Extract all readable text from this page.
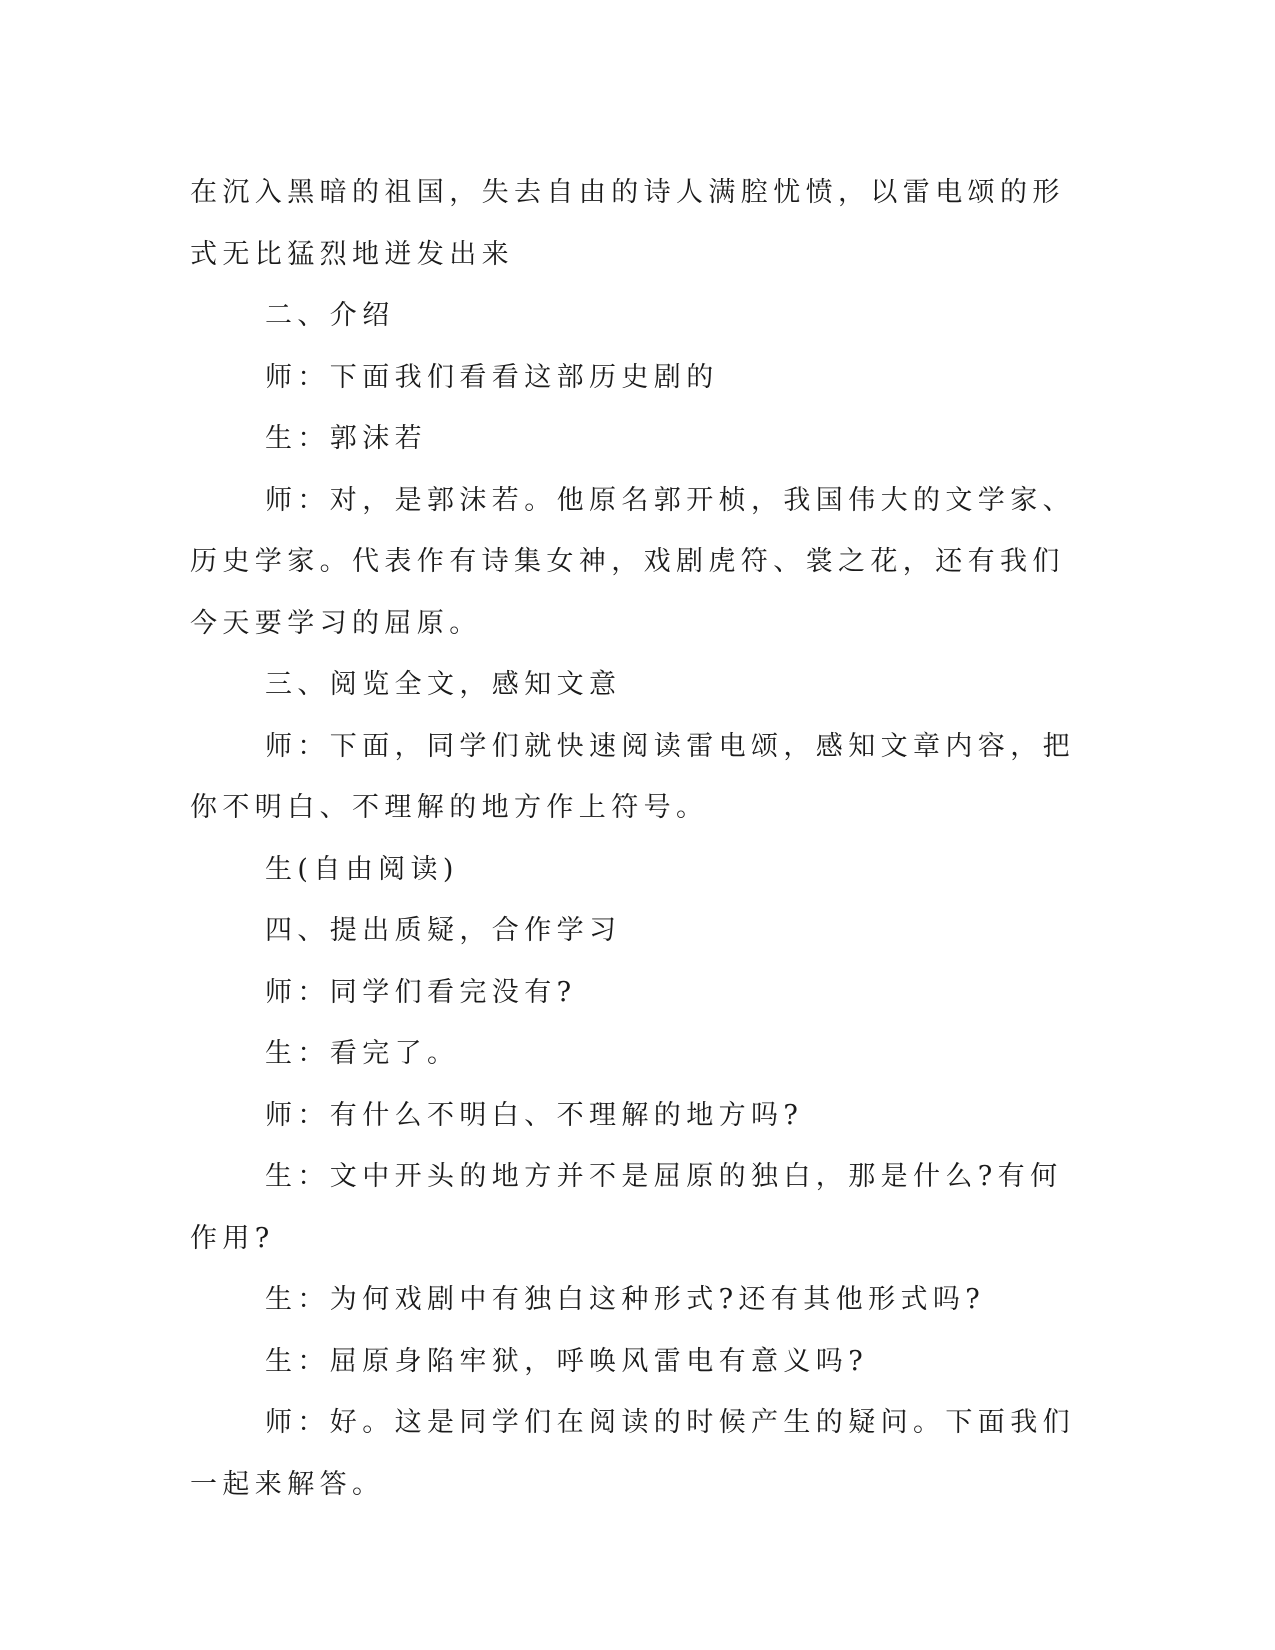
在沉入黑暗的祖国，失去自由的诗人满腔忧愤，以雷电颂的形式无比猛烈地迸发出来

二、介绍

师：下面我们看看这部历史剧的

生：郭沫若

师：对，是郭沫若。他原名郭开桢，我国伟大的文学家、历史学家。代表作有诗集女神，戏剧虎符、裳之花，还有我们今天要学习的屈原。

三、阅览全文，感知文意

师：下面，同学们就快速阅读雷电颂，感知文章内容，把你不明白、不理解的地方作上符号。

生(自由阅读)

四、提出质疑，合作学习

师：同学们看完没有?

生：看完了。

师：有什么不明白、不理解的地方吗?

生：文中开头的地方并不是屈原的独白，那是什么?有何作用?

生：为何戏剧中有独白这种形式?还有其他形式吗?

生：屈原身陷牢狱，呼唤风雷电有意义吗?

师：好。这是同学们在阅读的时候产生的疑问。下面我们一起来解答。
